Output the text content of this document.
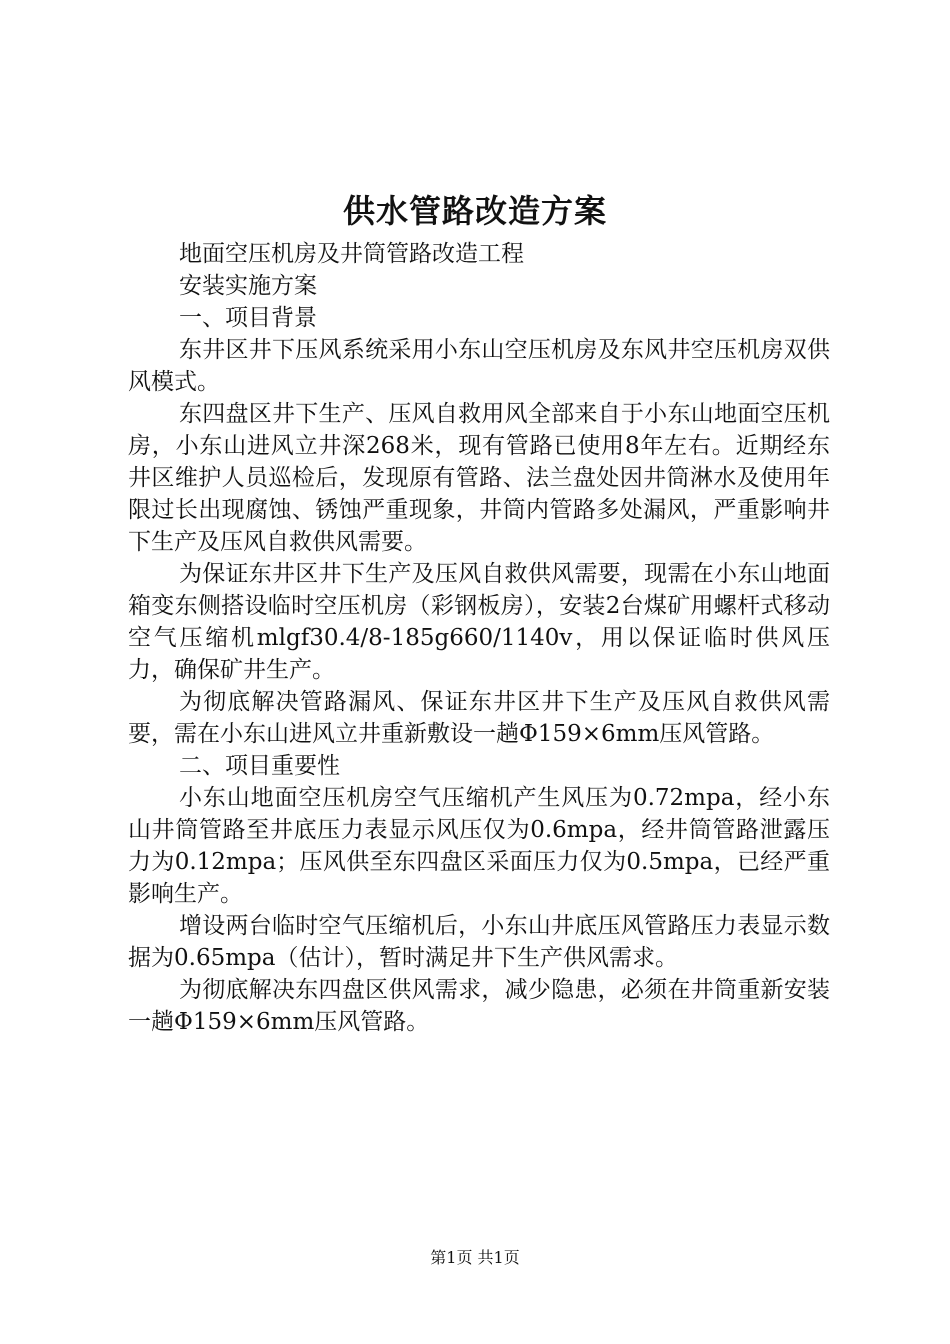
供水管路改造方案

地面空压机房及井筒管路改造工程

安装实施方案

一、项目背景

东井区井下压风系统采用小东山空压机房及东风井空压机房双供风模式。

东四盘区井下生产、压风自救用风全部来自于小东山地面空压机房，小东山进风立井深268米，现有管路已使用8年左右。近期经东井区维护人员巡检后，发现原有管路、法兰盘处因井筒淋水及使用年限过长出现腐蚀、锈蚀严重现象，井筒内管路多处漏风，严重影响井下生产及压风自救供风需要。

为保证东井区井下生产及压风自救供风需要，现需在小东山地面箱变东侧搭设临时空压机房（彩钢板房），安装2台煤矿用螺杆式移动空气压缩机mlgf30.4/8-185g660/1140v，用以保证临时供风压力，确保矿井生产。

为彻底解决管路漏风、保证东井区井下生产及压风自救供风需要，需在小东山进风立井重新敷设一趟Φ159×6mm压风管路。

二、项目重要性

小东山地面空压机房空气压缩机产生风压为0.72mpa，经小东山井筒管路至井底压力表显示风压仅为0.6mpa，经井筒管路泄露压力为0.12mpa；压风供至东四盘区采面压力仅为0.5mpa，已经严重影响生产。

增设两台临时空气压缩机后，小东山井底压风管路压力表显示数据为0.65mpa（估计），暂时满足井下生产供风需求。

为彻底解决东四盘区供风需求，减少隐患，必须在井筒重新安装一趟Φ159×6mm压风管路。

第1页 共1页
